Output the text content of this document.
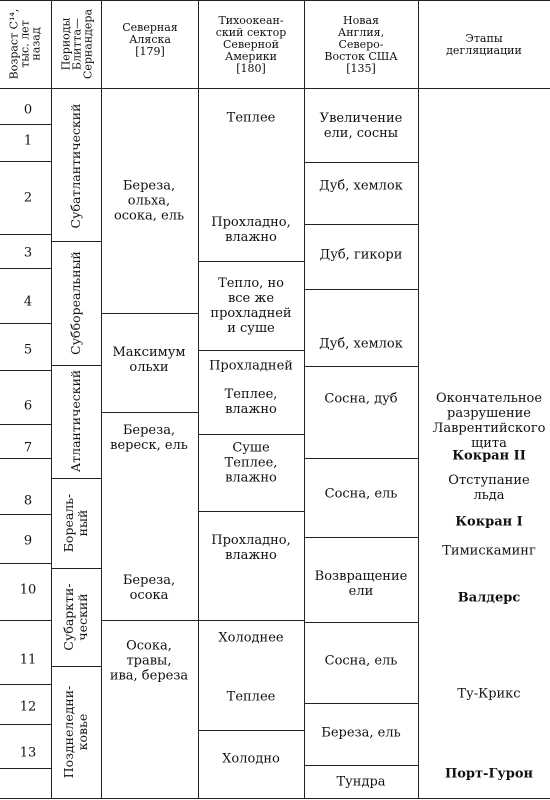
Возраст C¹⁴,
тыс. лет
назад Периоды
Блитта—
Сернандера	Северная
Аляска
[179]
Тихоокеан-
ский сектор
Северной
Америки
[180]
Новая
Англия,
Северо-
Восток США
[135]
Этапы
дегляциации
0
1
2
3
4
5
6
7
8
9
10
11
12
13
Субатлантический
Суббореальный
Атлантический
Бореаль-
ный
Субаркти-
ческий
Позднеледни-
ковье
Береза,
ольха,
осока, ель
Максимум
ольхи
Береза,
вереск, ель
Береза,
осока
Осока,
травы,
ива, береза
Теплее
Прохладно,
влажно
Тепло, но
все же
прохладней
и суше
Прохладней
Теплее,
влажно
Суше
Теплее,
влажно
Прохладно,
влажно
Холоднее
Теплее
Холодно
Увеличение
ели, сосны
Дуб, хемлок
Дуб, гикори
Дуб, хемлок
Сосна, дуб
Сосна, ель
Возвращение
ели
Сосна, ель
Береза, ель
Тундра
Окончательное
разрушение
Лаврентийского
щита
Кокран II
Отступание
льда
Кокран I
Тимискаминг
Валдерс
Ту-Крикс
Порт-Гурон
